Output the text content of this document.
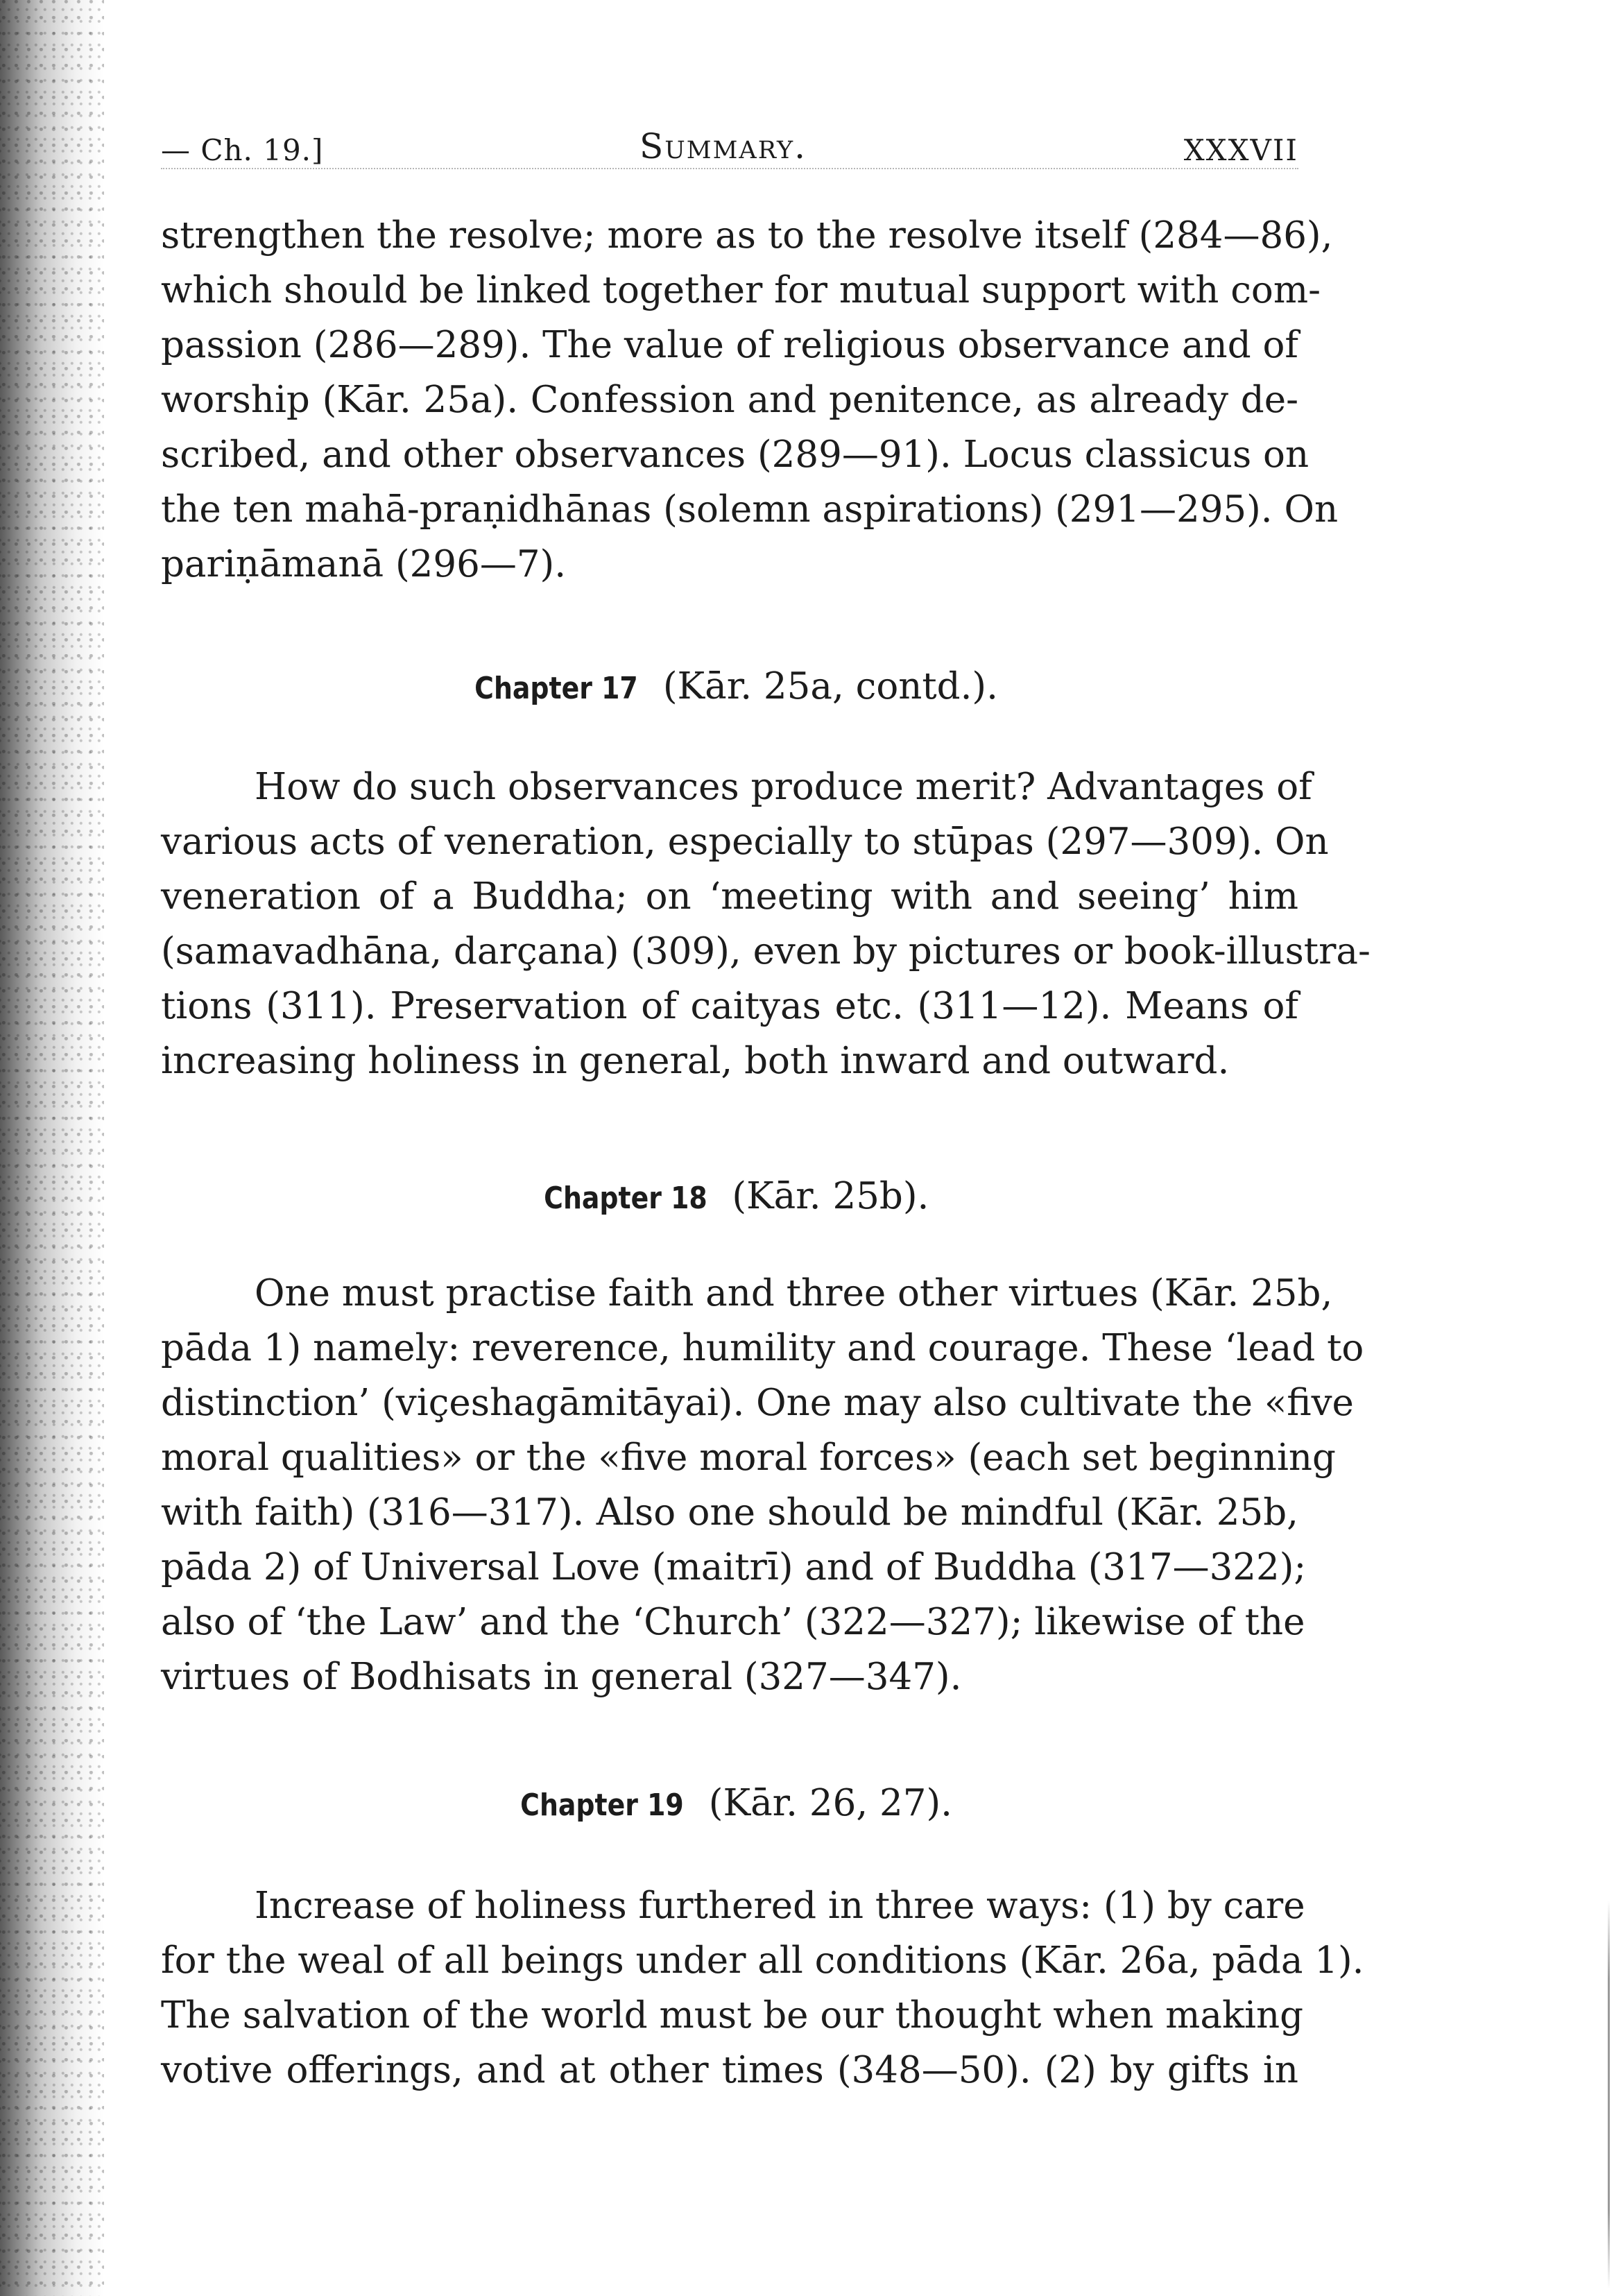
— Ch. 19.]	Summary.	XXXVII
strengthen the resolve; more as to the resolve itself (284—86),
which should be linked together for mutual support with com-
passion (286—289). The value of religious observance and of
worship (Kār. 25a). Confession and penitence, as already de-
scribed, and other observances (289—91). Locus classicus on
the ten mahā-praṇidhānas (solemn aspirations) (291—295). On
pariṇāmanā (296—7).
Chapter 17 (Kār. 25a, contd.).
How do such observances produce merit? Advantages of
various acts of veneration, especially to stūpas (297—309). On
veneration of a Buddha; on ‘meeting with and seeing’ him
(samavadhāna, darçana) (309), even by pictures or book-illustra-
tions (311). Preservation of caityas etc. (311—12). Means of
increasing holiness in general, both inward and outward.
Chapter 18 (Kār. 25b).
One must practise faith and three other virtues (Kār. 25b,
pāda 1) namely: reverence, humility and courage. These ‘lead to
distinction’ (viçeshagāmitāyai). One may also cultivate the «five
moral qualities» or the «five moral forces» (each set beginning
with faith) (316—317). Also one should be mindful (Kār. 25b,
pāda 2) of Universal Love (maitrī) and of Buddha (317—322);
also of ‘the Law’ and the ‘Church’ (322—327); likewise of the
virtues of Bodhisats in general (327—347).
Chapter 19 (Kār. 26, 27).
Increase of holiness furthered in three ways: (1) by care
for the weal of all beings under all conditions (Kār. 26a, pāda 1).
The salvation of the world must be our thought when making
votive offerings, and at other times (348—50). (2) by gifts in
